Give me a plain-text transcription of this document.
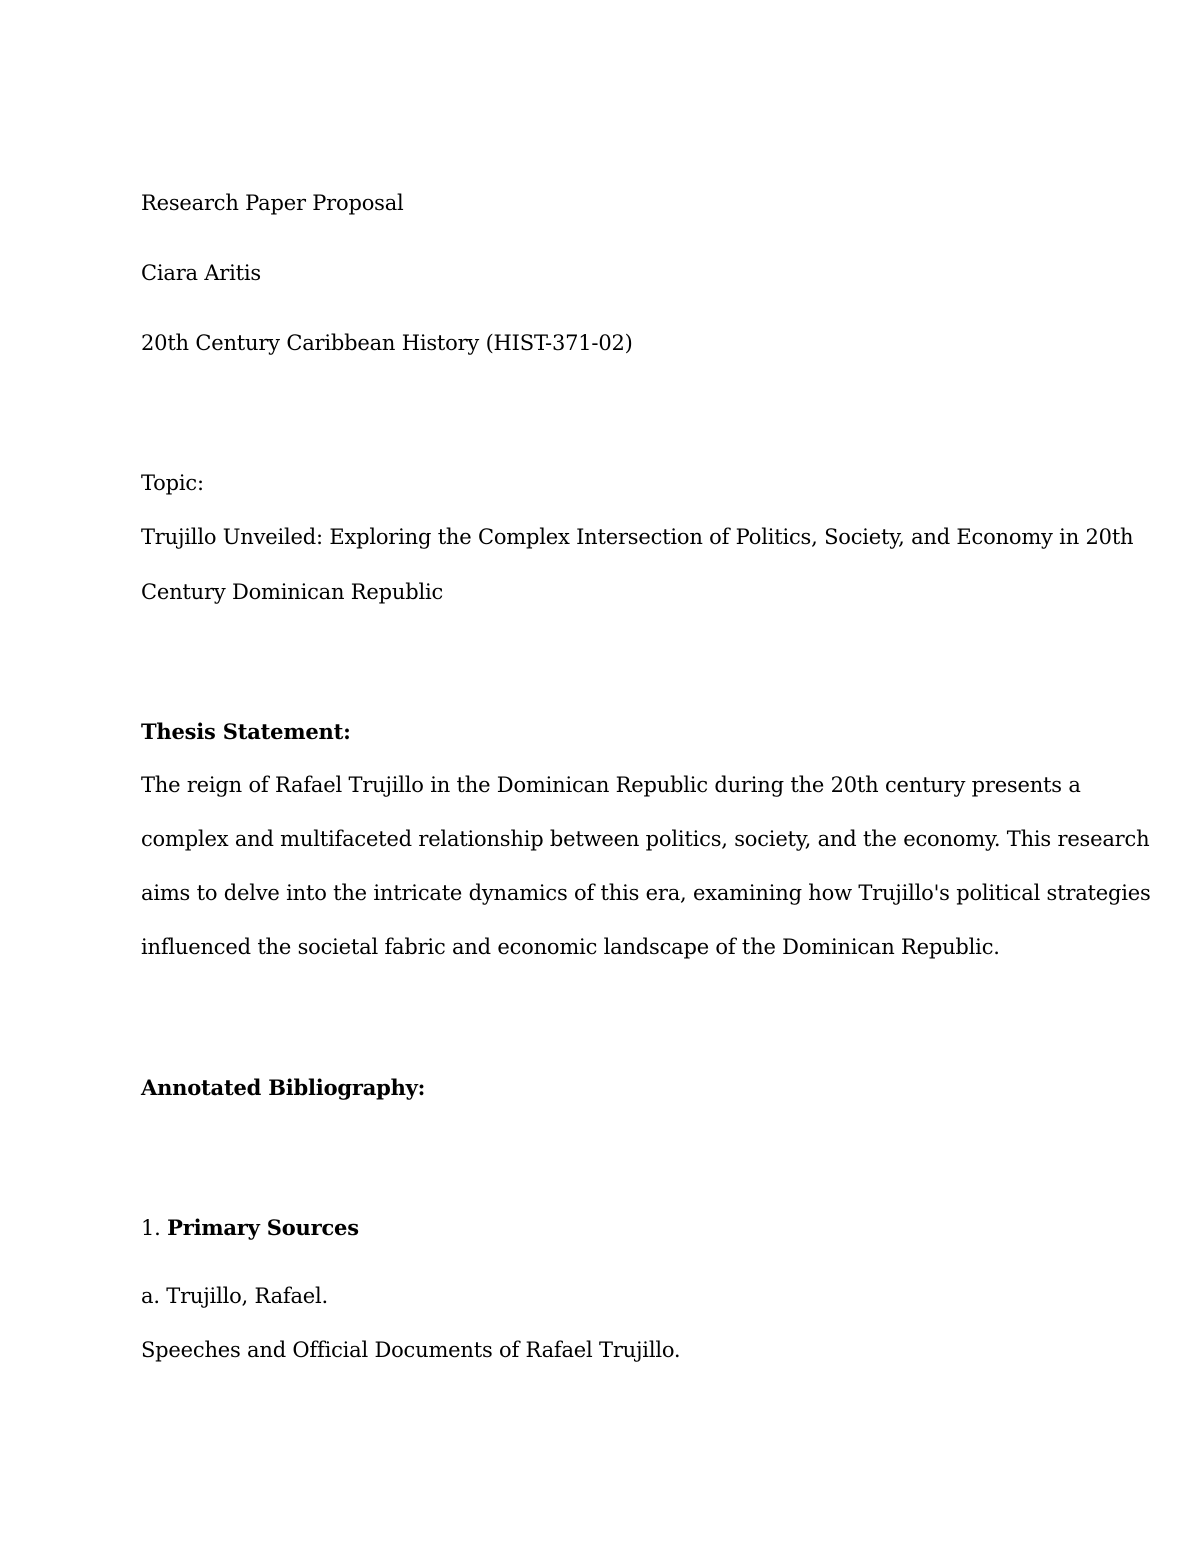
Research Paper Proposal
Ciara Aritis
20th Century Caribbean History (HIST-371-02)
Topic:
Trujillo Unveiled: Exploring the Complex Intersection of Politics, Society, and Economy in 20th
Century Dominican Republic
Thesis Statement:
The reign of Rafael Trujillo in the Dominican Republic during the 20th century presents a
complex and multifaceted relationship between politics, society, and the economy. This research
aims to delve into the intricate dynamics of this era, examining how Trujillo's political strategies
influenced the societal fabric and economic landscape of the Dominican Republic.
Annotated Bibliography:
1. Primary Sources
a. Trujillo, Rafael.
Speeches and Official Documents of Rafael Trujillo.
